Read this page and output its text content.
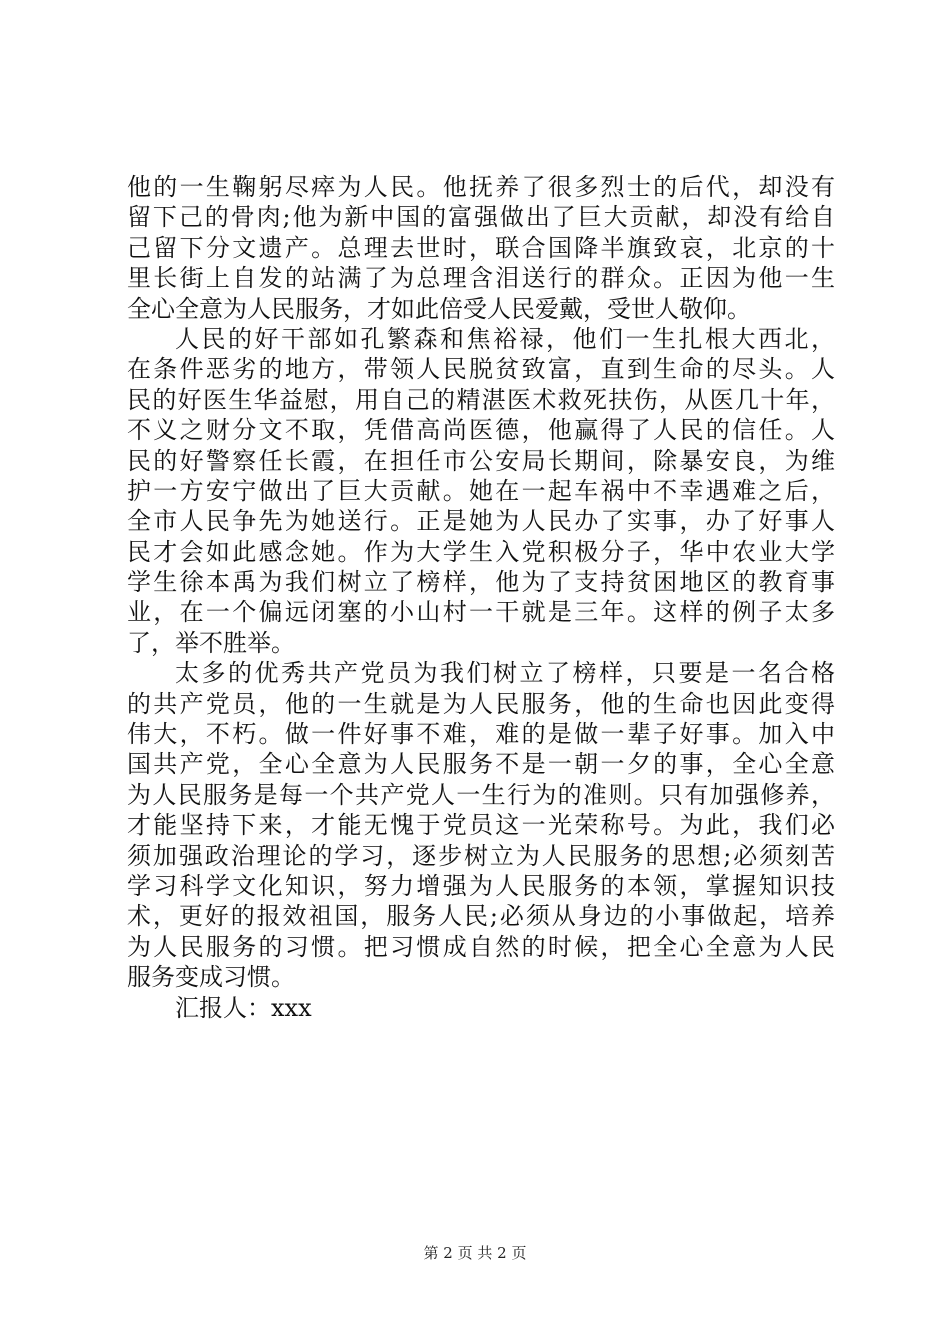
他的一生鞠躬尽瘁为人民。他抚养了很多烈士的后代，却没有
留下己的骨肉;他为新中国的富强做出了巨大贡献，却没有给自
己留下分文遗产。总理去世时，联合国降半旗致哀，北京的十
里长街上自发的站满了为总理含泪送行的群众。正因为他一生
全心全意为人民服务，才如此倍受人民爱戴，受世人敬仰。
人民的好干部如孔繁森和焦裕禄，他们一生扎根大西北，
在条件恶劣的地方，带领人民脱贫致富，直到生命的尽头。人
民的好医生华益慰，用自己的精湛医术救死扶伤，从医几十年，
不义之财分文不取，凭借高尚医德，他赢得了人民的信任。人
民的好警察任长霞，在担任市公安局长期间，除暴安良，为维
护一方安宁做出了巨大贡献。她在一起车祸中不幸遇难之后，
全市人民争先为她送行。正是她为人民办了实事，办了好事人
民才会如此感念她。作为大学生入党积极分子，华中农业大学
学生徐本禹为我们树立了榜样，他为了支持贫困地区的教育事
业，在一个偏远闭塞的小山村一干就是三年。这样的例子太多
了，举不胜举。
太多的优秀共产党员为我们树立了榜样，只要是一名合格
的共产党员，他的一生就是为人民服务，他的生命也因此变得
伟大，不朽。做一件好事不难，难的是做一辈子好事。加入中
国共产党，全心全意为人民服务不是一朝一夕的事，全心全意
为人民服务是每一个共产党人一生行为的准则。只有加强修养，
才能坚持下来，才能无愧于党员这一光荣称号。为此，我们必
须加强政治理论的学习，逐步树立为人民服务的思想;必须刻苦
学习科学文化知识，努力增强为人民服务的本领，掌握知识技
术，更好的报效祖国，服务人民;必须从身边的小事做起，培养
为人民服务的习惯。把习惯成自然的时候，把全心全意为人民
服务变成习惯。
汇报人：xxx
第 2 页 共 2 页
